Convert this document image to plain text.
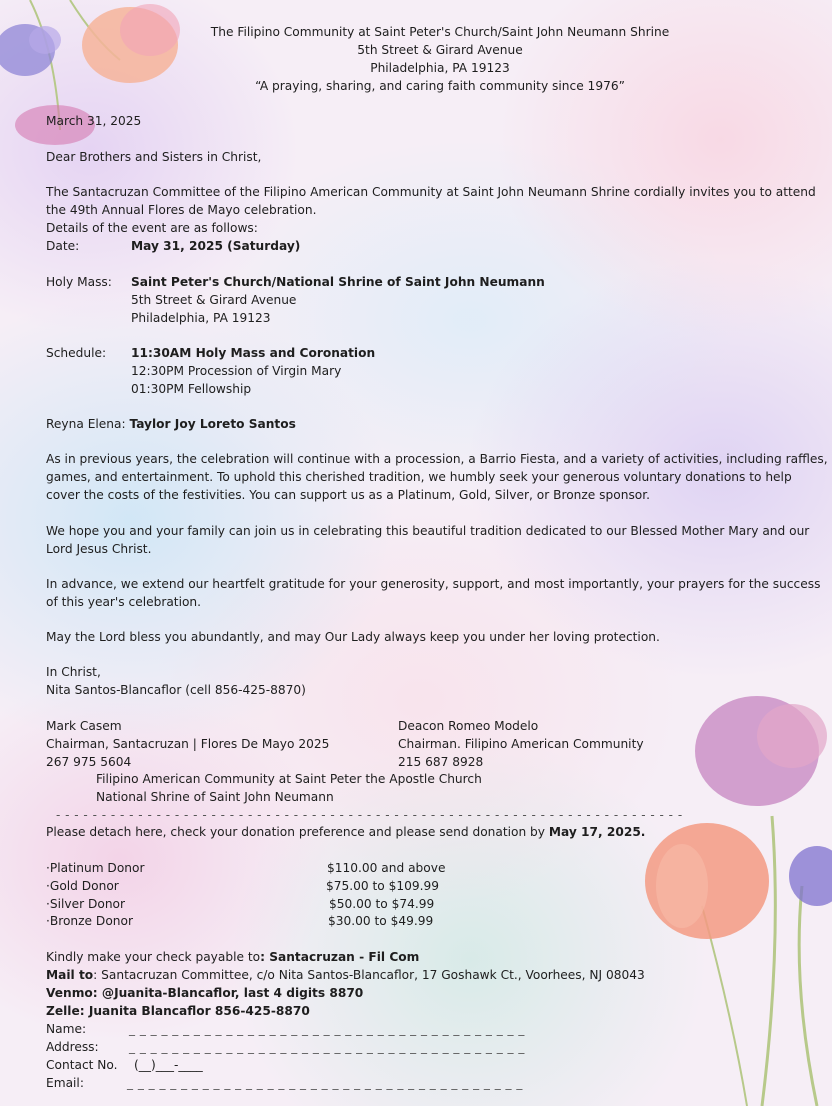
The Filipino Community at Saint Peter's Church/Saint John Neumann Shrine
5th Street & Girard Avenue
Philadelphia, PA 19123
“A praying, sharing, and caring faith community since 1976”
March 31, 2025
Dear Brothers and Sisters in Christ,
The Santacruzan Committee of the Filipino American Community at Saint John Neumann Shrine cordially invites you to attend
the 49th Annual Flores de Mayo celebration.
Details of the event are as follows:
Date:	May 31, 2025 (Saturday)
Holy Mass: Saint Peter's Church/National Shrine of Saint John Neumann
5th Street & Girard Avenue
Philadelphia, PA 19123
Schedule: 11:30AM Holy Mass and Coronation
12:30PM Procession of Virgin Mary
01:30PM Fellowship
Reyna Elena: Taylor Joy Loreto Santos
As in previous years, the celebration will continue with a procession, a Barrio Fiesta, and a variety of activities, including raffles, games, and entertainment. To uphold this cherished tradition, we humbly seek your generous voluntary donations to help cover the costs of the festivities. You can support us as a Platinum, Gold, Silver, or Bronze sponsor.
We hope you and your family can join us in celebrating this beautiful tradition dedicated to our Blessed Mother Mary and our Lord Jesus Christ.
In advance, we extend our heartfelt gratitude for your generosity, support, and most importantly, your prayers for the success of this year's celebration.
May the Lord bless you abundantly, and may Our Lady always keep you under her loving protection.
In Christ,
Nita Santos-Blancaflor (cell 856-425-8870)
Mark Casem
Chairman, Santacruzan | Flores De Mayo 2025
267 975 5604
Deacon Romeo Modelo
Chairman. Filipino American Community
215 687 8928
Filipino American Community at Saint Peter the Apostle Church
National Shrine of Saint John Neumann
- - - - - - - - - - - - - - - - - - - - - - - - - - - - - - - - - - - - - - - - - - - - - - - - - - - - - - - - - - - - - - - - - - - - -
Please detach here, check your donation preference and please send donation by May 17, 2025.
·Platinum Donor	$110.00 and above
·Gold Donor	$75.00 to $109.99
·Silver Donor	$50.00 to $74.99
·Bronze Donor	$30.00 to $49.99
Kindly make your check payable to: Santacruzan - Fil Com
Mail to: Santacruzan Committee, c/o Nita Santos-Blancaflor, 17 Goshawk Ct., Voorhees, NJ 08043
Venmo: @Juanita-Blancaflor, last 4 digits 8870
Zelle: Juanita Blancaflor 856-425-8870
Name:	_ _ _ _ _ _ _ _ _ _ _ _ _ _ _ _ _ _ _ _ _ _ _ _ _ _ _ _ _ _ _ _ _ _ _ _ _
Address:	_ _ _ _ _ _ _ _ _ _ _ _ _ _ _ _ _ _ _ _ _ _ _ _ _ _ _ _ _ _ _ _ _ _ _ _ _
Contact No. (__)___-____
Email:	_ _ _ _ _ _ _ _ _ _ _ _ _ _ _ _ _ _ _ _ _ _ _ _ _ _ _ _ _ _ _ _ _ _ _ _ _
